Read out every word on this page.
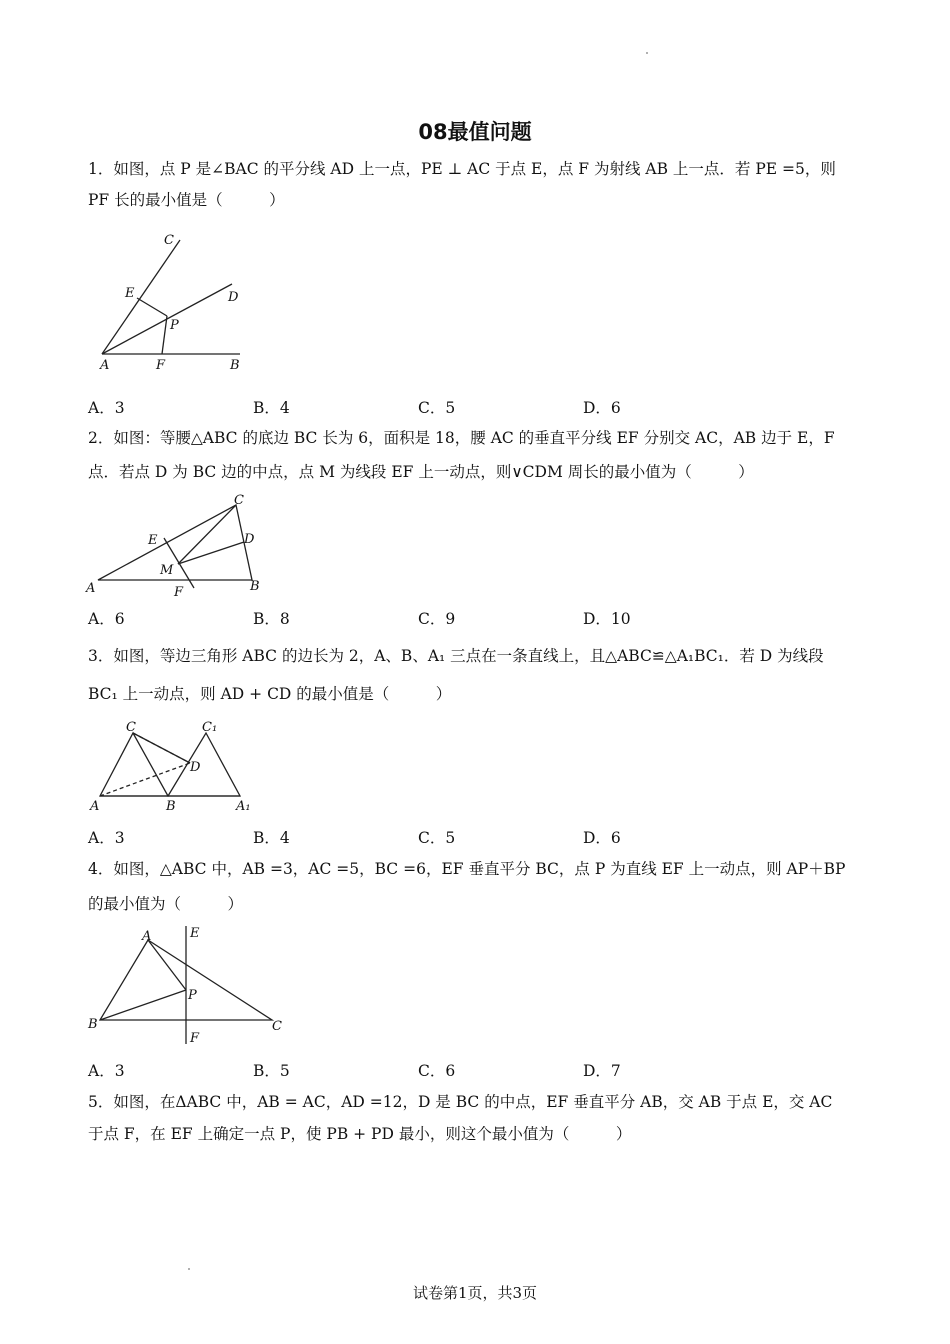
08最值问题
1．如图，点 P 是∠BAC 的平分线 AD 上一点，PE ⊥ AC 于点 E，点 F 为射线 AB 上一点．若 PE =5，则
PF 长的最小值是（　　　）
C
E	D
P
A	F	B
A．3	B．4	C．5	D．6
2．如图：等腰△ABC 的底边 BC 长为 6，面积是 18，腰 AC 的垂直平分线 EF 分别交 AC，AB 边于 E，F
点．若点 D 为 BC 边的中点，点 M 为线段 EF 上一动点，则∨CDM 周长的最小值为（　　　）
C
E	D
M
A	F	B
A．6	B．8	C．9	D．10
3．如图，等边三角形 ABC 的边长为 2，A、B、A₁ 三点在一条直线上，且△ABC≌△A₁BC₁．若 D 为线段
BC₁ 上一动点，则 AD + CD 的最小值是（　　　）
C	C₁
D
A	B	A₁
A．3	B．4	C．5	D．6
4．如图，△ABC 中，AB =3，AC =5，BC =6，EF 垂直平分 BC，点 P 为直线 EF 上一动点，则 AP＋BP
的最小值为（　　　）
A	E
P
B	C
F
A．3	B．5	C．6	D．7
5．如图，在ΔABC 中，AB = AC，AD =12，D 是 BC 的中点，EF 垂直平分 AB，交 AB 于点 E，交 AC
于点 F，在 EF 上确定一点 P，使 PB + PD 最小，则这个最小值为（　　　）
试卷第1页，共3页
